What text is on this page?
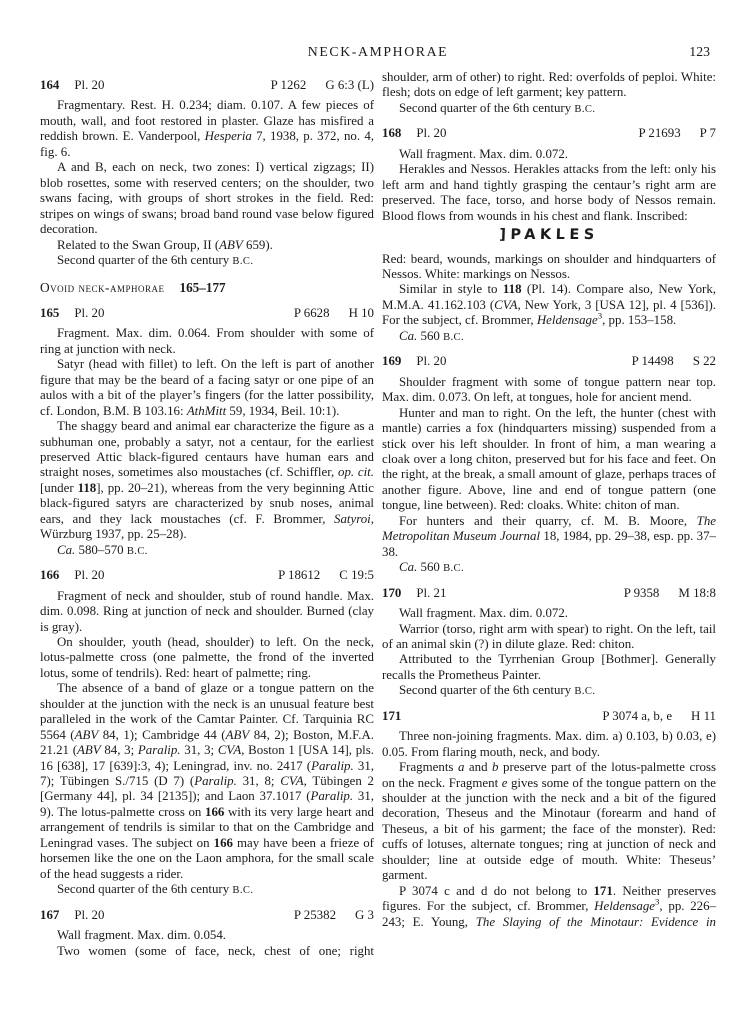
NECK-AMPHORAE	123
164 Pl. 20	P 1262 G 6:3 (L)

Fragmentary. Rest. H. 0.234; diam. 0.107. A few pieces of mouth, wall, and foot restored in plaster. Glaze has misfired a reddish brown. E. Vanderpool, Hesperia 7, 1938, p. 372, no. 4, fig. 6.

A and B, each on neck, two zones: I) vertical zigzags; II) blob rosettes, some with reserved centers; on the shoulder, two swans facing, with groups of short strokes in the field. Red: stripes on wings of swans; broad band round vase below figured decoration.

Related to the Swan Group, II (ABV 659).

Second quarter of the 6th century B.C.

Ovoid neck-amphorae 165–177
165 Pl. 20	P 6628 H 10

Fragment. Max. dim. 0.064. From shoulder with some of ring at junction with neck.

Satyr (head with fillet) to left. On the left is part of another figure that may be the beard of a facing satyr or one pipe of an aulos with a bit of the player’s fingers (for the latter possibility, cf. London, B.M. B 103.16: AthMitt 59, 1934, Beil. 10:1).

The shaggy beard and animal ear characterize the figure as a subhuman one, probably a satyr, not a centaur, for the earliest preserved Attic black-figured centaurs have human ears and straight noses, sometimes also moustaches (cf. Schiffler, op. cit. [under 118], pp. 20–21), whereas from the very beginning Attic black-figured satyrs are characterized by snub noses, animal ears, and they lack moustaches (cf. F. Brommer, Satyroi, Würzburg 1937, pp. 25–28).

Ca. 580–570 B.C.

166 Pl. 20	P 18612 C 19:5

Fragment of neck and shoulder, stub of round handle. Max. dim. 0.098. Ring at junction of neck and shoulder. Burned (clay is gray).

On shoulder, youth (head, shoulder) to left. On the neck, lotus-palmette cross (one palmette, the frond of the inverted lotus, some of tendrils). Red: heart of palmette; ring.

The absence of a band of glaze or a tongue pattern on the shoulder at the junction with the neck is an unusual feature best paralleled in the work of the Camtar Painter. Cf. Tarquinia RC 5564 (ABV 84, 1); Cambridge 44 (ABV 84, 2); Boston, M.F.A. 21.21 (ABV 84, 3; Paralip. 31, 3; CVA, Boston 1 [USA 14], pls. 16 [638], 17 [639]:3, 4); Leningrad, inv. no. 2417 (Paralip. 31, 7); Tübingen S./715 (D 7) (Paralip. 31, 8; CVA, Tübingen 2 [Germany 44], pl. 34 [2135]); and Laon 37.1017 (Paralip. 31, 9). The lotus-palmette cross on 166 with its very large heart and arrangement of tendrils is similar to that on the Cambridge and Leningrad vases. The subject on 166 may have been a frieze of horsemen like the one on the Laon amphora, for the small scale of the head suggests a rider.

Second quarter of the 6th century B.C.

167 Pl. 20	P 25382 G 3

Wall fragment. Max. dim. 0.054.

Two women (some of face, neck, chest of one; right

shoulder, arm of other) to right. Red: overfolds of peploi. White: flesh; dots on edge of left garment; key pattern.

Second quarter of the 6th century B.C.

168 Pl. 20	P 21693 P 7

Wall fragment. Max. dim. 0.072.

Herakles and Nessos. Herakles attacks from the left: only his left arm and hand tightly grasping the centaur’s right arm are preserved. The face, torso, and horse body of Nessos remain. Blood flows from wounds in his chest and flank. Inscribed:

]PAKLES

Red: beard, wounds, markings on shoulder and hindquarters of Nessos. White: markings on Nessos.

Similar in style to 118 (Pl. 14). Compare also, New York, M.M.A. 41.162.103 (CVA, New York, 3 [USA 12], pl. 4 [536]). For the subject, cf. Brommer, Heldensage$^3$, pp. 153–158.

Ca. 560 B.C.

169 Pl. 20	P 14498 S 22

Shoulder fragment with some of tongue pattern near top. Max. dim. 0.073. On left, at tongues, hole for ancient mend.

Hunter and man to right. On the left, the hunter (chest with mantle) carries a fox (hindquarters missing) suspended from a stick over his left shoulder. In front of him, a man wearing a cloak over a long chiton, preserved but for his face and feet. On the right, at the break, a small amount of glaze, perhaps traces of another figure. Above, line and end of tongue pattern (one tongue, line between). Red: cloaks. White: chiton of man.

For hunters and their quarry, cf. M. B. Moore, The Metropolitan Museum Journal 18, 1984, pp. 29–38, esp. pp. 37–38.

Ca. 560 B.C.

170 Pl. 21	P 9358 M 18:8

Wall fragment. Max. dim. 0.072.

Warrior (torso, right arm with spear) to right. On the left, tail of an animal skin (?) in dilute glaze. Red: chiton.

Attributed to the Tyrrhenian Group [Bothmer]. Generally recalls the Prometheus Painter.

Second quarter of the 6th century B.C.

171	P 3074 a, b, e H 11

Three non-joining fragments. Max. dim. a) 0.103, b) 0.03, e) 0.05. From flaring mouth, neck, and body.

Fragments a and b preserve part of the lotus-palmette cross on the neck. Fragment e gives some of the tongue pattern on the shoulder at the junction with the neck and a bit of the figured decoration, Theseus and the Minotaur (forearm and hand of Theseus, a bit of his garment; the face of the monster). Red: cuffs of lotuses, alternate tongues; ring at junction of neck and shoulder; line at outside edge of mouth. White: Theseus’ garment.

P 3074 c and d do not belong to 171. Neither preserves figures. For the subject, cf. Brommer, Heldensage$^3$, pp. 226–243; E. Young, The Slaying of the Minotaur: Evidence in
